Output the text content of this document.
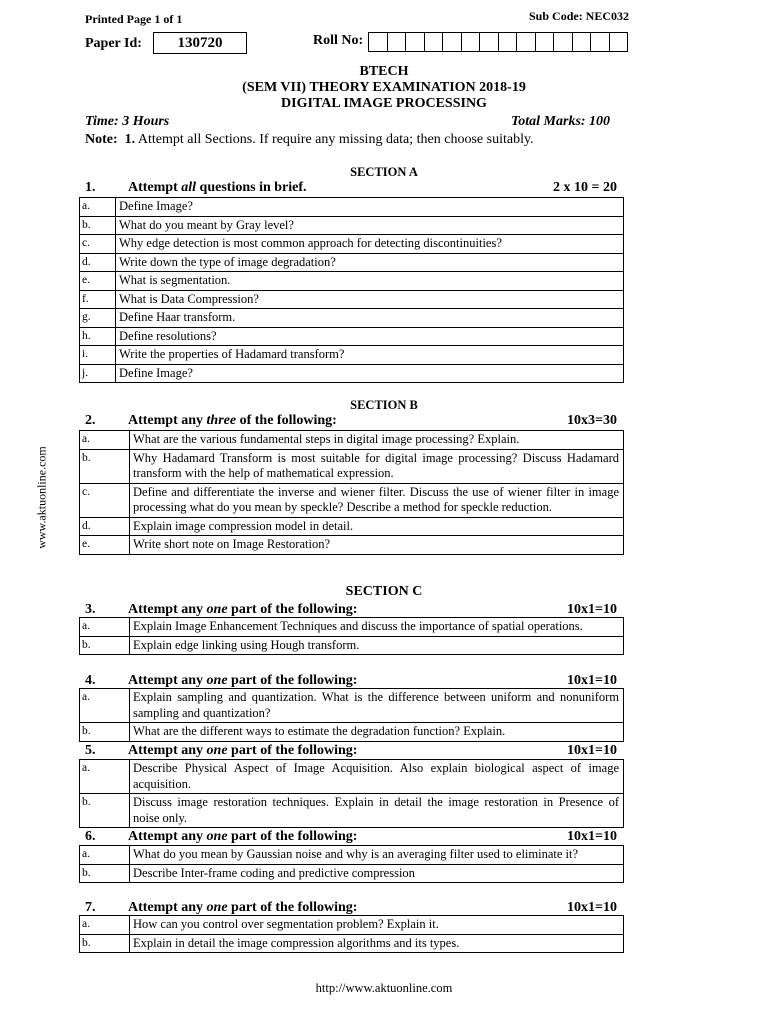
Printed Page 1 of 1	Sub Code: NEC032
Paper Id:	130720	Roll No:
BTECH
(SEM VII) THEORY EXAMINATION 2018-19
DIGITAL IMAGE PROCESSING
Time: 3 Hours	Total Marks: 100
Note: 1. Attempt all Sections. If require any missing data; then choose suitably.
SECTION A
1. Attempt all questions in brief.	2 x 10 = 20
a.	Define Image?
b.	What do you meant by Gray level?
c.	Why edge detection is most common approach for detecting discontinuities?
d.	Write down the type of image degradation?
e.	What is segmentation.
f.	What is Data Compression?
g.	Define Haar transform.
h.	Define resolutions?
i.	Write the properties of Hadamard transform?
j.	Define Image?
SECTION B
2. Attempt any three of the following:	10x3=30
a.	What are the various fundamental steps in digital image processing? Explain.
b.	Why Hadamard Transform is most suitable for digital image processing? Discuss Hadamard transform with the help of mathematical expression.
c.	Define and differentiate the inverse and wiener filter. Discuss the use of wiener filter in image processing what do you mean by speckle? Describe a method for speckle reduction.
d.	Explain image compression model in detail.
e.	Write short note on Image Restoration?
SECTION C
3. Attempt any one part of the following:	10x1=10
a.	Explain Image Enhancement Techniques and discuss the importance of spatial operations.
b.	Explain edge linking using Hough transform.
4. Attempt any one part of the following:	10x1=10
a.	Explain sampling and quantization. What is the difference between uniform and nonuniform sampling and quantization?
b.	What are the different ways to estimate the degradation function? Explain.
5. Attempt any one part of the following:	10x1=10
a.	Describe Physical Aspect of Image Acquisition. Also explain biological aspect of image acquisition.
b.	Discuss image restoration techniques. Explain in detail the image restoration in Presence of noise only.
6. Attempt any one part of the following:	10x1=10
a.	What do you mean by Gaussian noise and why is an averaging filter used to eliminate it?
b.	Describe Inter-frame coding and predictive compression
7. Attempt any one part of the following:	10x1=10
a.	How can you control over segmentation problem? Explain it.
b.	Explain in detail the image compression algorithms and its types.
www.aktuonline.com
http://www.aktuonline.com
